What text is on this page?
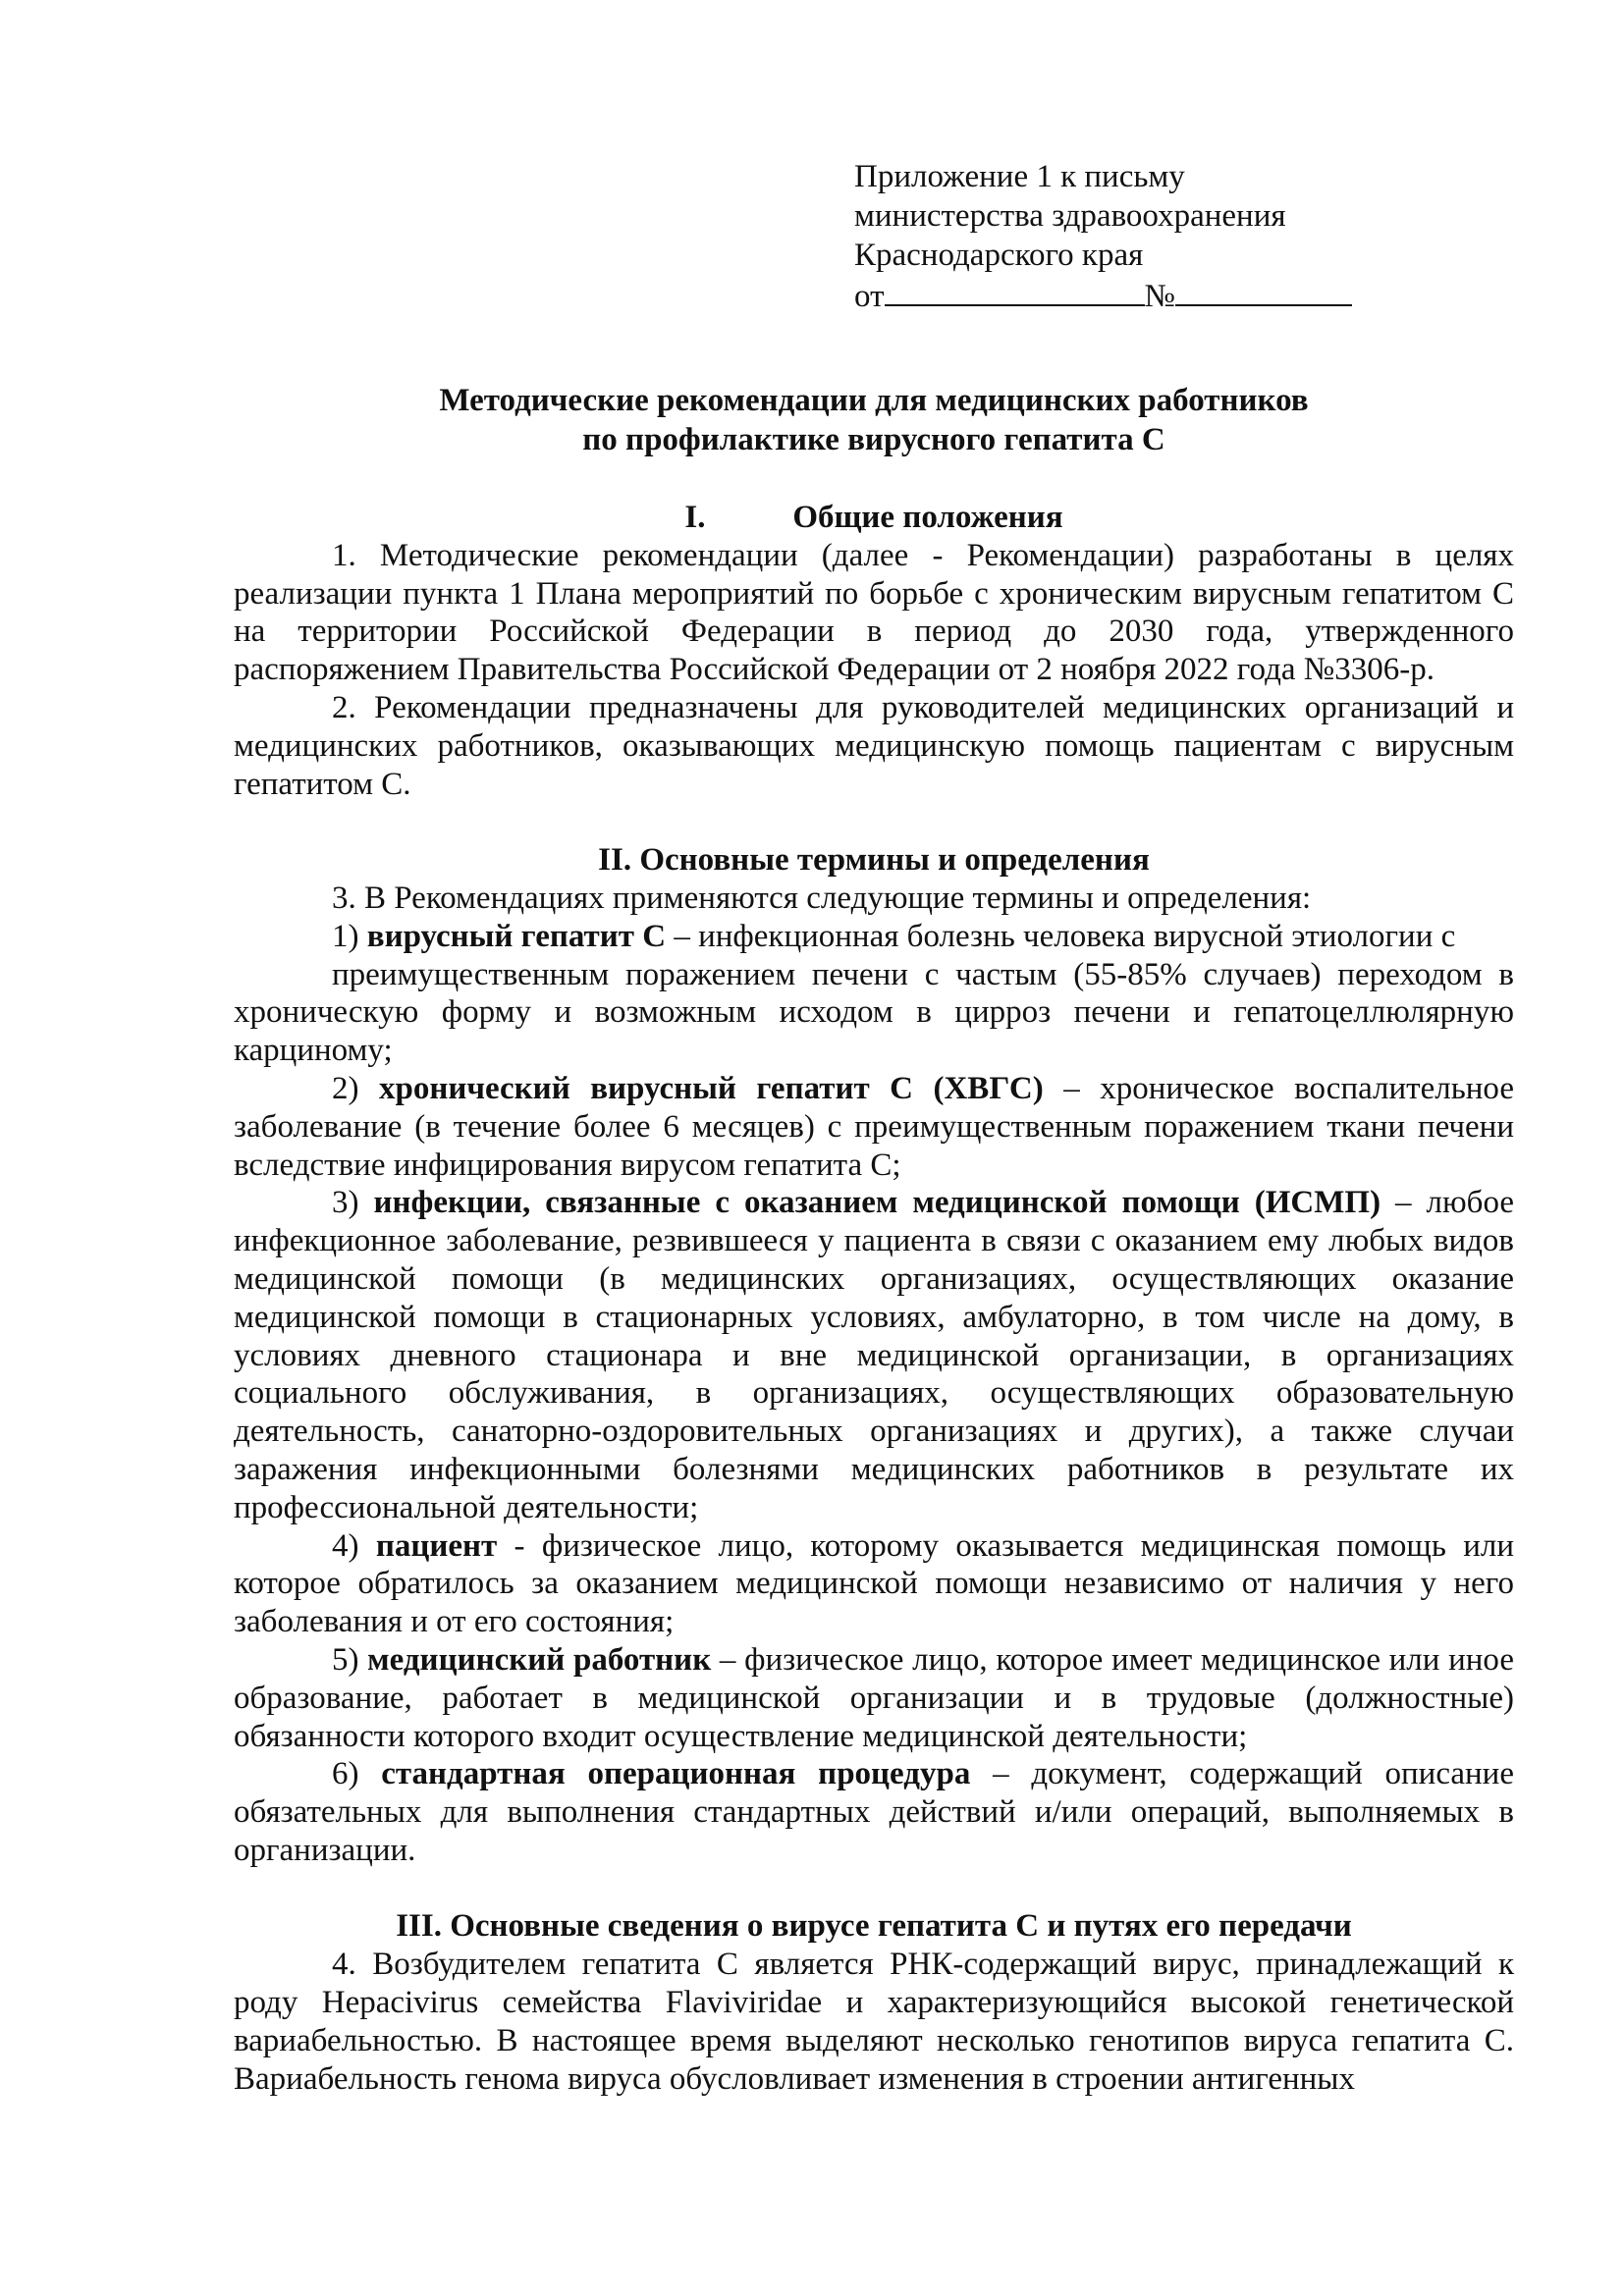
Приложение 1 к письму
министерства здравоохранения
Краснодарского края
от	№
Методические рекомендации для медицинских работников
по профилактике вирусного гепатита С
I.	Общие положения

1. Методические рекомендации (далее - Рекомендации) разработаны в целях реализации пункта 1 Плана мероприятий по борьбе с хроническим вирусным гепатитом С на территории Российской Федерации в период до 2030 года, утвержденного распоряжением Правительства Российской Федерации от 2 ноября 2022 года №3306-р.

2. Рекомендации предназначены для руководителей медицинских организаций и медицинских работников, оказывающих медицинскую помощь пациентам с вирусным гепатитом С.

II. Основные термины и определения

3. В Рекомендациях применяются следующие термины и определения:

1) вирусный гепатит С – инфекционная болезнь человека вирусной этиологии с

преимущественным поражением печени с частым (55-85% случаев) переходом в хроническую форму и возможным исходом в цирроз печени и гепатоцеллюлярную карциному;

2) хронический вирусный гепатит С (ХВГС) – хроническое воспалительное заболевание (в течение более 6 месяцев) с преимущественным поражением ткани печени вследствие инфицирования вирусом гепатита С;

3) инфекции, связанные с оказанием медицинской помощи (ИСМП) – любое инфекционное заболевание, резвившееся у пациента в связи с оказанием ему любых видов медицинской помощи (в медицинских организациях, осуществляющих оказание медицинской помощи в стационарных условиях, амбулаторно, в том числе на дому, в условиях дневного стационара и вне медицинской организации, в организациях социального обслуживания, в организациях, осуществляющих образовательную деятельность, санаторно-оздоровительных организациях и других), а также случаи заражения инфекционными болезнями медицинских работников в результате их профессиональной деятельности;

4) пациент - физическое лицо, которому оказывается медицинская помощь или которое обратилось за оказанием медицинской помощи независимо от наличия у него заболевания и от его состояния;

5) медицинский работник – физическое лицо, которое имеет медицинское или иное образование, работает в медицинской организации и в трудовые (должностные) обязанности которого входит осуществление медицинской деятельности;

6) стандартная операционная процедура – документ, содержащий описание обязательных для выполнения стандартных действий и/или операций, выполняемых в организации.

III. Основные сведения о вирусе гепатита С и путях его передачи

4. Возбудителем гепатита С является РНК-содержащий вирус, принадлежащий к роду Hepacivirus семейства Flaviviridae и характеризующийся высокой генетической вариабельностью. В настоящее время выделяют несколько генотипов вируса гепатита С. Вариабельность генома вируса обусловливает изменения в строении антигенных
